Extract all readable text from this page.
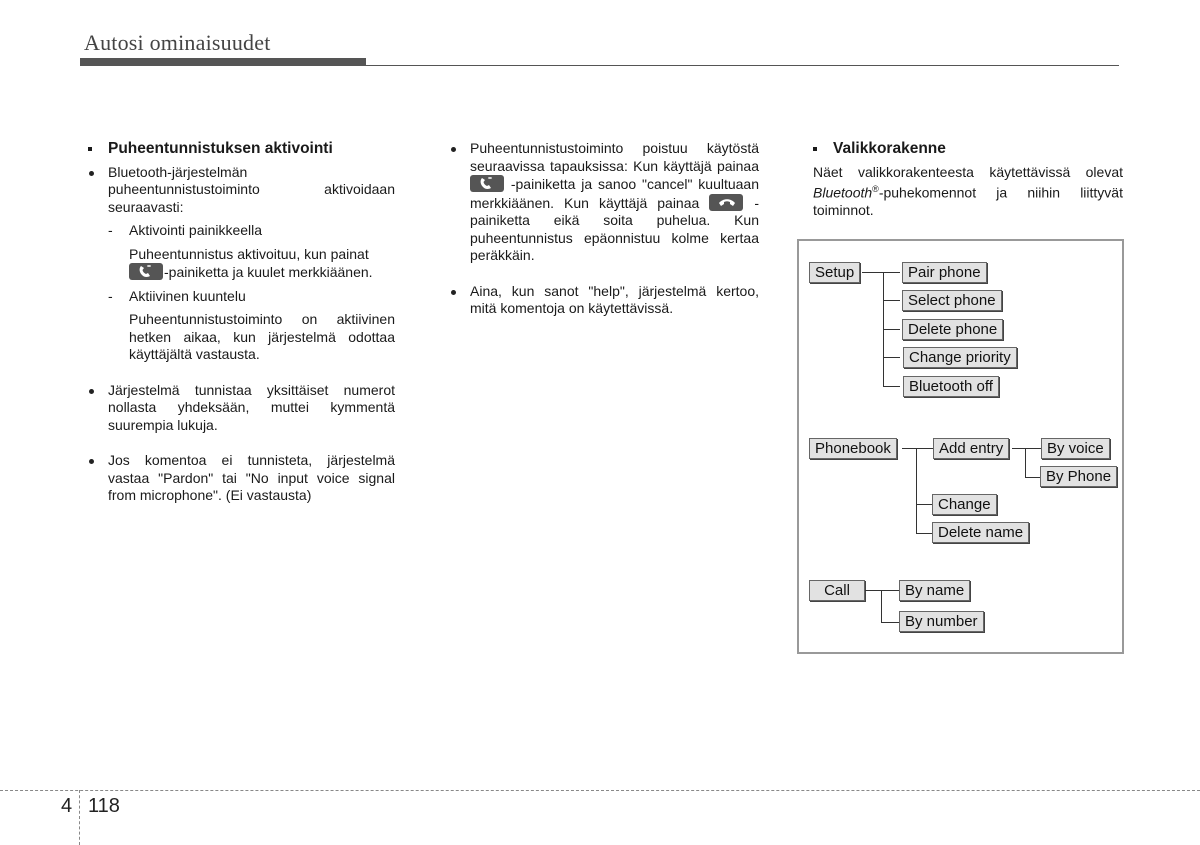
Autosi ominaisuudet
Puheentunnistuksen aktivointi
Bluetooth-järjestelmän puheentunnistustoiminto aktivoidaan seuraavasti:
- Aktivointi painikkeella
Puheentunnistus aktivoituu, kun painat

-painiketta ja kuulet merkkiäänen.
- Aktiivinen kuuntelu
Puheentunnistustoiminto on aktiivinen hetken aikaa, kun järjestelmä odottaa käyttäjältä vastausta.
Järjestelmä tunnistaa yksittäiset numerot nollasta yhdeksään, muttei kymmentä suurempia lukuja.
Jos komentoa ei tunnisteta, järjestelmä vastaa "Pardon" tai "No input voice signal from microphone". (Ei vastausta)
Puheentunnistustoiminto poistuu käytöstä seuraavissa tapauksissa: Kun käyttäjä painaa
-painiketta ja sanoo "cancel" kuultuaan merkkiäänen. Kun käyttäjä painaa	-painiketta eikä soita puhelua. Kun puheentunnistus epäonnistuu kolme kertaa peräkkäin.
Aina, kun sanot "help", järjestelmä kertoo, mitä komentoja on käytettävissä.
Valikkorakenne
Näet valikkorakenteesta käytettävissä olevat Bluetooth®-puhekomennot ja niihin liittyvät toiminnot.
Setup	Pair phone
Select phone
Delete phone
Change priority
Bluetooth off
Phonebook	Add entry	By voice
By Phone
Change
Delete name
Call	By name
By number
4 118
